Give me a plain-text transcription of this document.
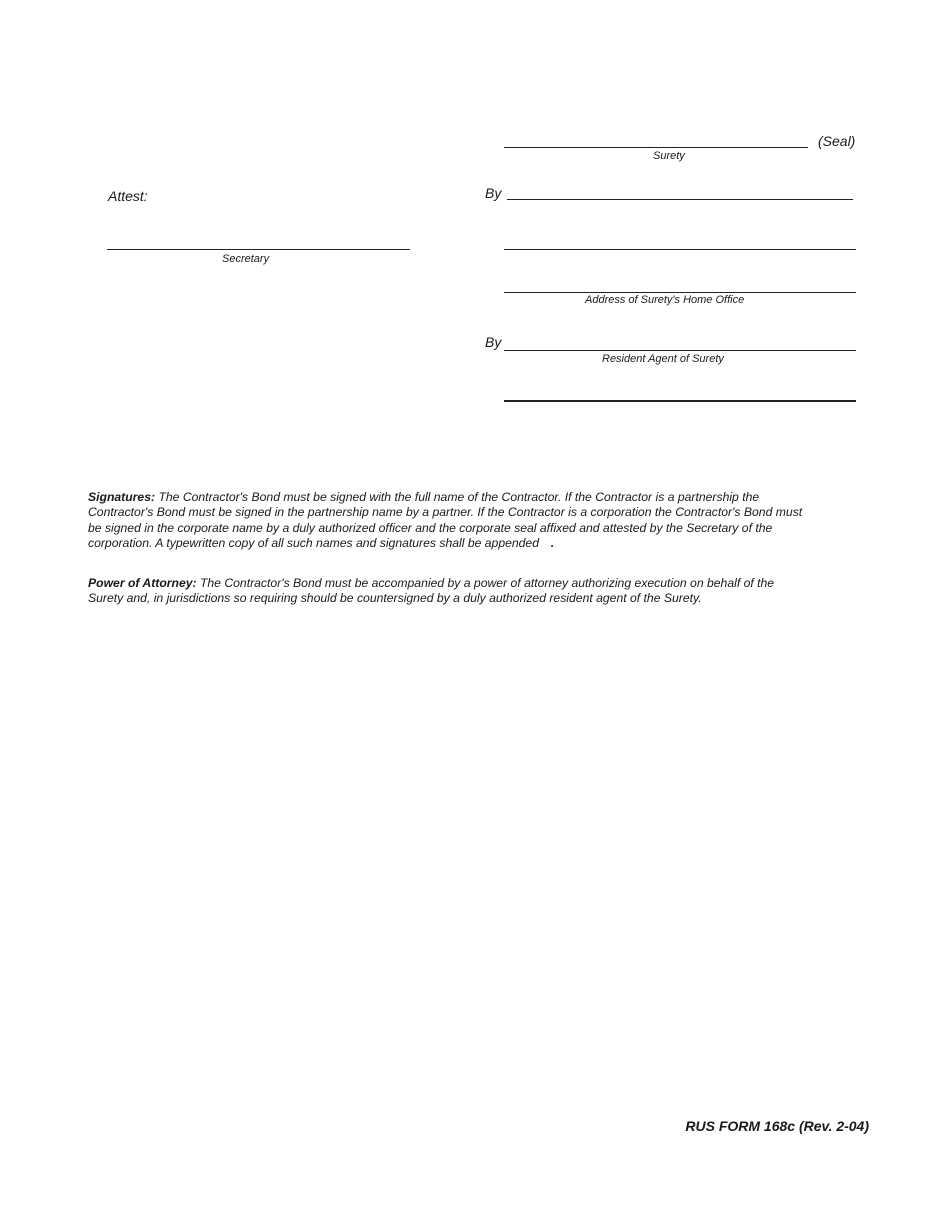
(Seal)
Surety
By
Attest:
Secretary
Address of Surety's Home Office
By
Resident Agent of Surety
Signatures: The Contractor's Bond must be signed with the full name of the Contractor. If the Contractor is a partnership the Contractor's Bond must be signed in the partnership name by a partner. If the Contractor is a corporation the Contractor's Bond must be signed in the corporate name by a duly authorized officer and the corporate seal affixed and attested by the Secretary of the corporation. A typewritten copy of all such names and signatures shall be appended .
Power of Attorney: The Contractor's Bond must be accompanied by a power of attorney authorizing execution on behalf of the Surety and, in jurisdictions so requiring should be countersigned by a duly authorized resident agent of the Surety.
RUS FORM 168c (Rev. 2-04)
